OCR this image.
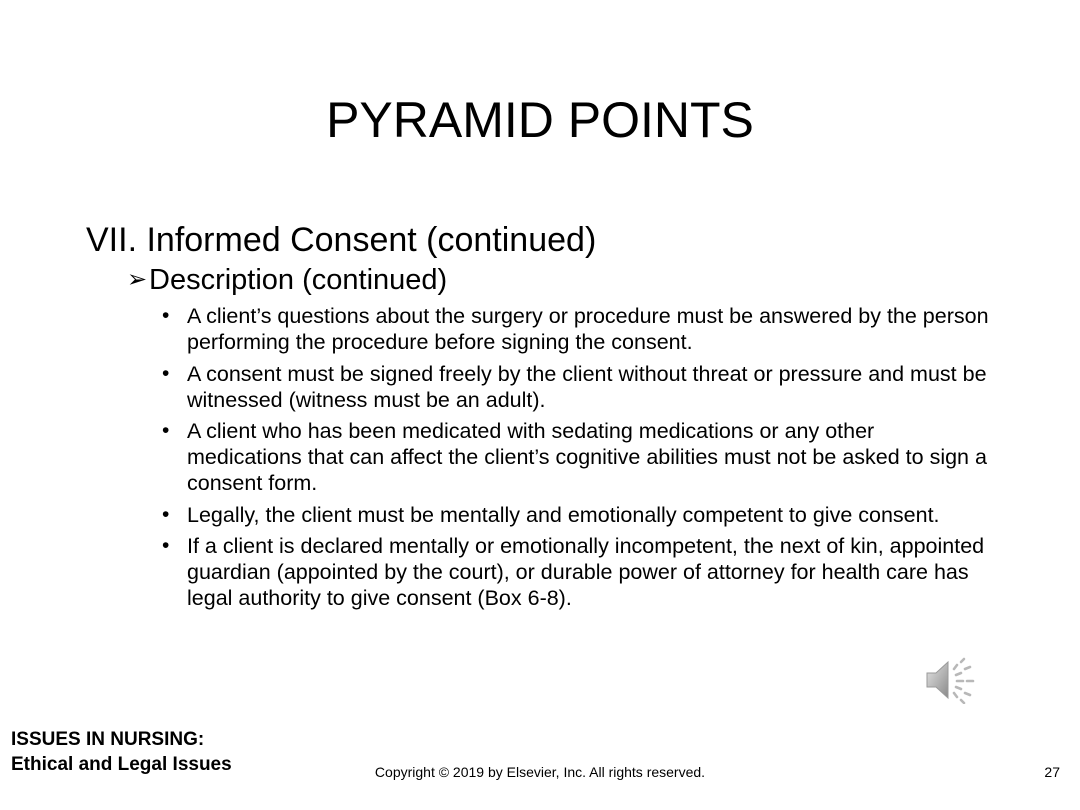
PYRAMID POINTS
VII. Informed Consent (continued)
➢ Description (continued)
• A client’s questions about the surgery or procedure must be answered by the person performing the procedure before signing the consent.
• A consent must be signed freely by the client without threat or pressure and must be witnessed (witness must be an adult).
• A client who has been medicated with sedating medications or any other medications that can affect the client’s cognitive abilities must not be asked to sign a consent form.
• Legally, the client must be mentally and emotionally competent to give consent.
• If a client is declared mentally or emotionally incompetent, the next of kin, appointed guardian (appointed by the court), or durable power of attorney for health care has legal authority to give consent (Box 6-8).
ISSUES IN NURSING:
Ethical and Legal Issues	Copyright © 2019 by Elsevier, Inc. All rights reserved.	27
